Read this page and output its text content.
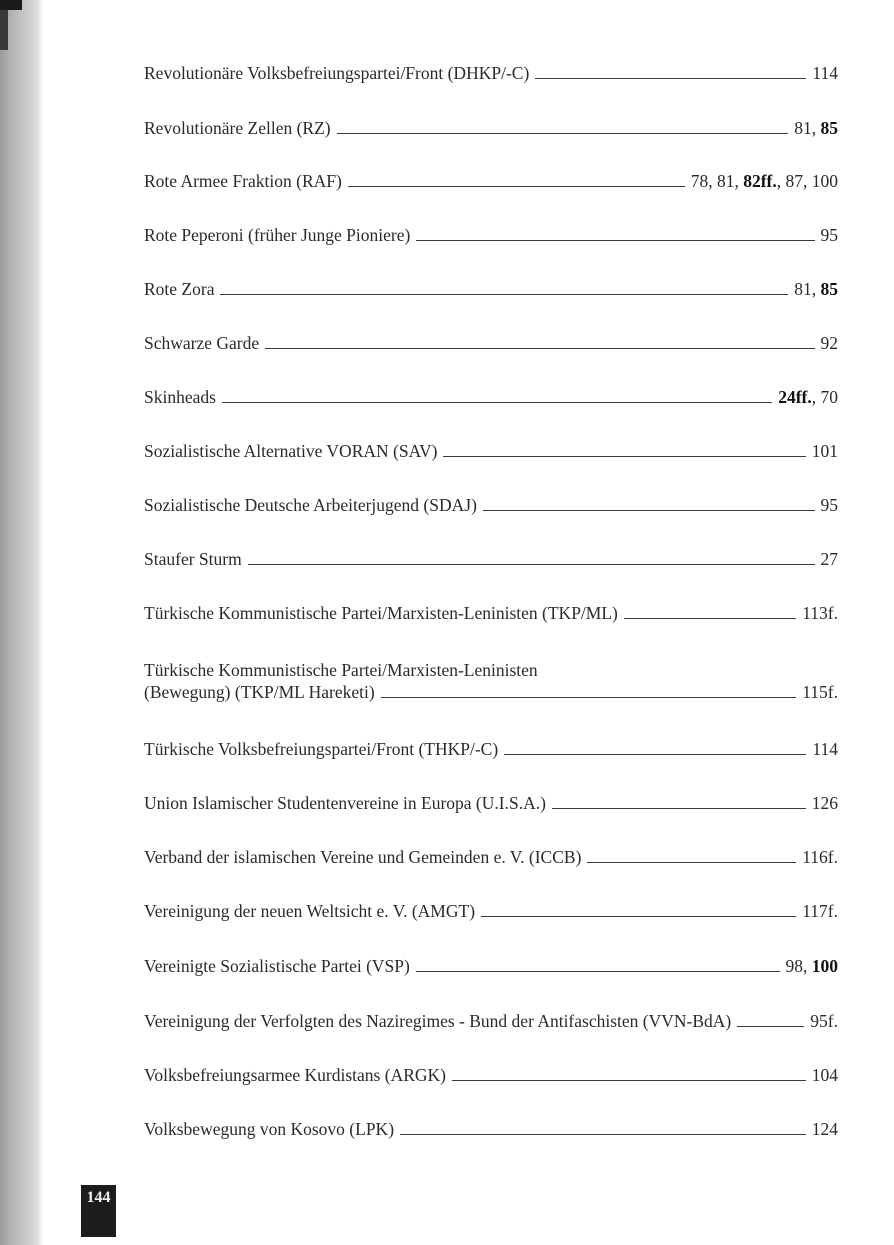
Revolutionäre Volksbefreiungspartei/Front (DHKP/-C)	114
Revolutionäre Zellen (RZ)	81, 85
Rote Armee Fraktion (RAF)	78, 81, 82ff., 87, 100
Rote Peperoni (früher Junge Pioniere)	95
Rote Zora	81, 85
Schwarze Garde	92
Skinheads	24ff., 70
Sozialistische Alternative VORAN (SAV)	101
Sozialistische Deutsche Arbeiterjugend (SDAJ)	95
Staufer Sturm	27
Türkische Kommunistische Partei/Marxisten-Leninisten (TKP/ML)	113f.
Türkische Kommunistische Partei/Marxisten-Leninisten
(Bewegung) (TKP/ML Hareketi)	115f.
Türkische Volksbefreiungspartei/Front (THKP/-C)	114
Union Islamischer Studentenvereine in Europa (U.I.S.A.)	126
Verband der islamischen Vereine und Gemeinden e. V. (ICCB)	116f.
Vereinigung der neuen Weltsicht e. V. (AMGT)	117f.
Vereinigte Sozialistische Partei (VSP)	98, 100
Vereinigung der Verfolgten des Naziregimes - Bund der Antifaschisten (VVN-BdA)	95f.
Volksbefreiungsarmee Kurdistans (ARGK)	104
Volksbewegung von Kosovo (LPK)	124
144
